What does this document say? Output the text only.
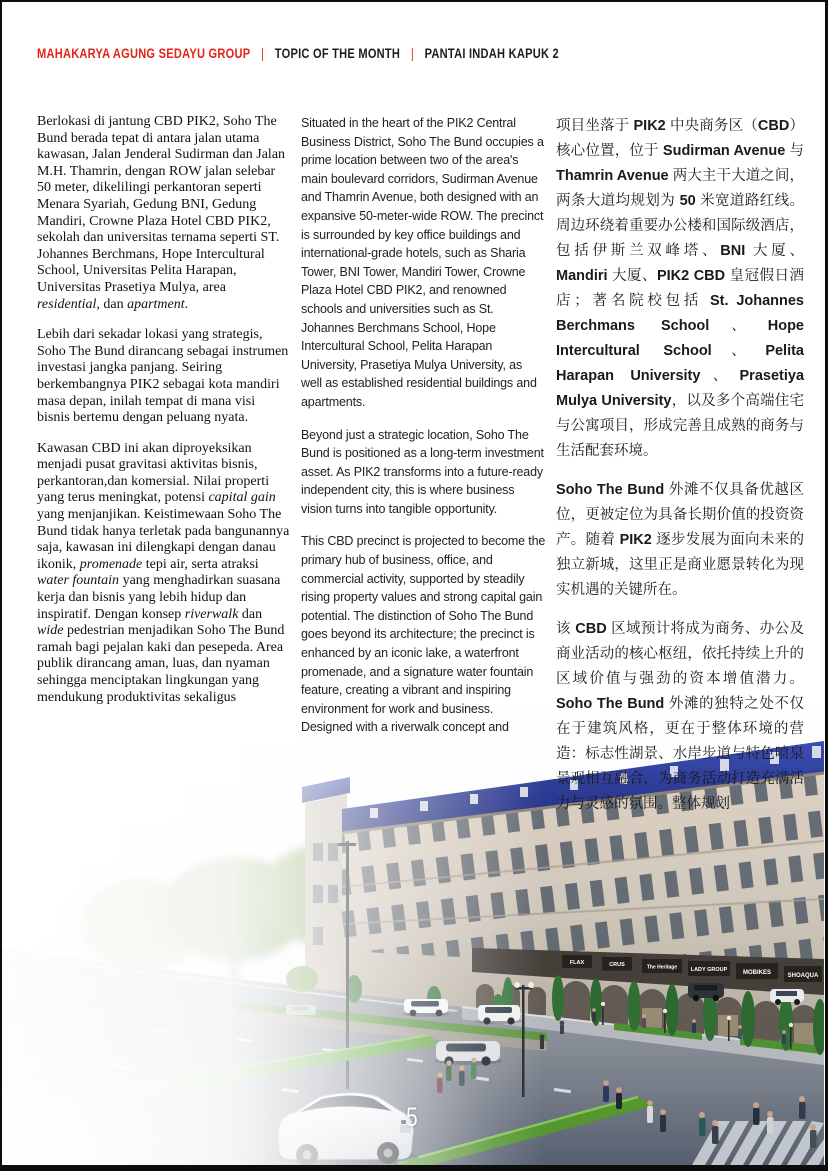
MAHAKARYA AGUNG SEDAYU GROUP | TOPIC OF THE MONTH | PANTAI INDAH KAPUK 2

Berlokasi di jantung CBD PIK2, Soho The Bund berada tepat di antara jalan utama kawasan, Jalan Jenderal Sudirman dan Jalan M.H. Thamrin, dengan ROW jalan selebar 50 meter, dikelilingi perkantoran seperti Menara Syariah, Gedung BNI, Gedung Mandiri, Crowne Plaza Hotel CBD PIK2, sekolah dan universitas ternama seperti ST. Johannes Berchmans, Hope Intercultural School, Universitas Pelita Harapan, Universitas Prasetiya Mulya, area residential, dan apartment.

Lebih dari sekadar lokasi yang strategis, Soho The Bund dirancang sebagai instrumen investasi jangka panjang. Seiring berkembangnya PIK2 sebagai kota mandiri masa depan, inilah tempat di mana visi bisnis bertemu dengan peluang nyata.

Kawasan CBD ini akan diproyeksikan menjadi pusat gravitasi aktivitas bisnis, perkantoran,dan komersial. Nilai properti yang terus meningkat, potensi capital gain yang menjanjikan. Keistimewaan Soho The Bund tidak hanya terletak pada bangunannya saja, kawasan ini dilengkapi dengan danau ikonik, promenade tepi air, serta atraksi water fountain yang menghadirkan suasana kerja dan bisnis yang lebih hidup dan inspiratif. Dengan konsep riverwalk dan wide pedestrian menjadikan Soho The Bund ramah bagi pejalan kaki dan pesepeda. Area publik dirancang aman, luas, dan nyaman sehingga menciptakan lingkungan yang mendukung produktivitas sekaligus

Situated in the heart of the PIK2 Central Business District, Soho The Bund occupies a prime location between two of the area's main boulevard corridors, Sudirman Avenue and Thamrin Avenue, both designed with an expansive 50-meter-wide ROW. The precinct is surrounded by key office buildings and international-grade hotels, such as Sharia Tower, BNI Tower, Mandiri Tower, Crowne Plaza Hotel CBD PIK2, and renowned schools and universities such as St. Johannes Berchmans School, Hope Intercultural School, Pelita Harapan University, Prasetiya Mulya University, as well as established residential buildings and apartments.

Beyond just a strategic location, Soho The Bund is positioned as a long-term investment asset. As PIK2 transforms into a future-ready independent city, this is where business vision turns into tangible opportunity.

This CBD precinct is projected to become the primary hub of business, office, and commercial activity, supported by steadily rising property values and strong capital gain potential. The distinction of Soho The Bund goes beyond its architecture; the precinct is enhanced by an iconic lake, a waterfront promenade, and a signature water fountain feature, creating a vibrant and inspiring environment for work and business. Designed with a riverwalk concept and

项目坐落于 PIK2 中央商务区（CBD）核心位置，位于 Sudirman Avenue 与 Thamrin Avenue 两大主干大道之间，两条大道均规划为 50 米宽道路红线。周边环绕着重要办公楼和国际级酒店，包括伊斯兰双峰塔、BNI 大厦、Mandiri 大厦、PIK2 CBD 皇冠假日酒店；著名院校包括 St. Johannes Berchmans School、Hope Intercultural School、Pelita Harapan University、Prasetiya Mulya University，以及多个高端住宅与公寓项目，形成完善且成熟的商务与生活配套环境。

Soho The Bund 外滩不仅具备优越区位，更被定位为具备长期价值的投资资产。随着 PIK2 逐步发展为面向未来的独立新城，这里正是商业愿景转化为现实机遇的关键所在。

该 CBD 区域预计将成为商务、办公及商业活动的核心枢纽，依托持续上升的区域价值与强劲的资本增值潜力。Soho The Bund 外滩的独特之处不仅在于建筑风格，更在于整体环境的营造：标志性湖景、水岸步道与特色喷泉景观相互融合，为商务活动打造充满活力与灵感的氛围。整体规划

5
